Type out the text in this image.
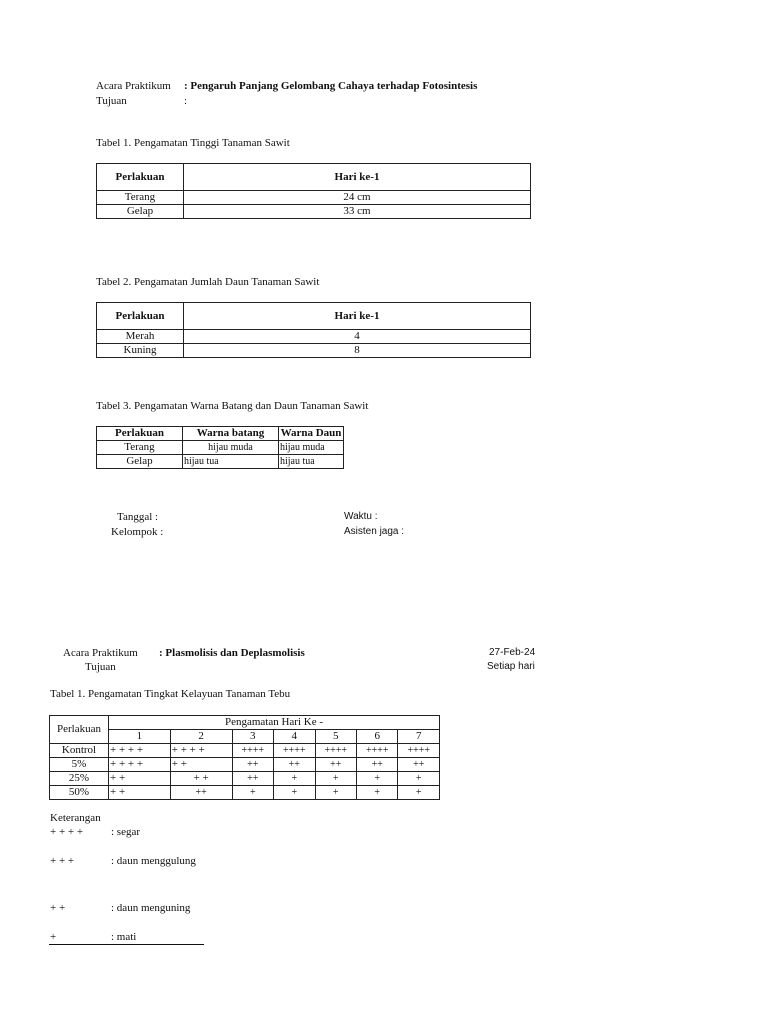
Acara Praktikum : Pengaruh Panjang Gelombang Cahaya terhadap Fotosintesis
Tujuan	:
Tabel 1. Pengamatan Tinggi Tanaman Sawit
Perlakuan	Hari ke-1
Terang	24 cm
Gelap	33 cm
Tabel 2. Pengamatan Jumlah Daun Tanaman Sawit
Perlakuan	Hari ke-1
Merah	4
Kuning	8
Tabel 3. Pengamatan Warna Batang dan Daun Tanaman Sawit
Perlakuan	Warna batang	Warna Daun
Terang	hijau muda	hijau muda
Gelap	hijau tua	hijau tua
Tanggal :
Kelompok :
Waktu :
Asisten jaga :
Acara Praktikum : Plasmolisis dan Deplasmolisis
Tujuan
27-Feb-24
Setiap hari
Tabel 1. Pengamatan Tingkat Kelayuan Tanaman Tebu
Perlakuan	Pengamatan Hari Ke -						
	1	2	3	4	5	6	7
Kontrol	+ + + +	+ + + +	++++	++++	++++	++++	++++
5%	+ + + +	+ +	++	++	++	++	++
25%	+ +	+ +	++	+	+	+	+
50%	+ +	++	+	+	+	+	+
Keterangan
+ + + +	: segar
+ + +	: daun menggulung
+ +	: daun menguning
+	: mati
